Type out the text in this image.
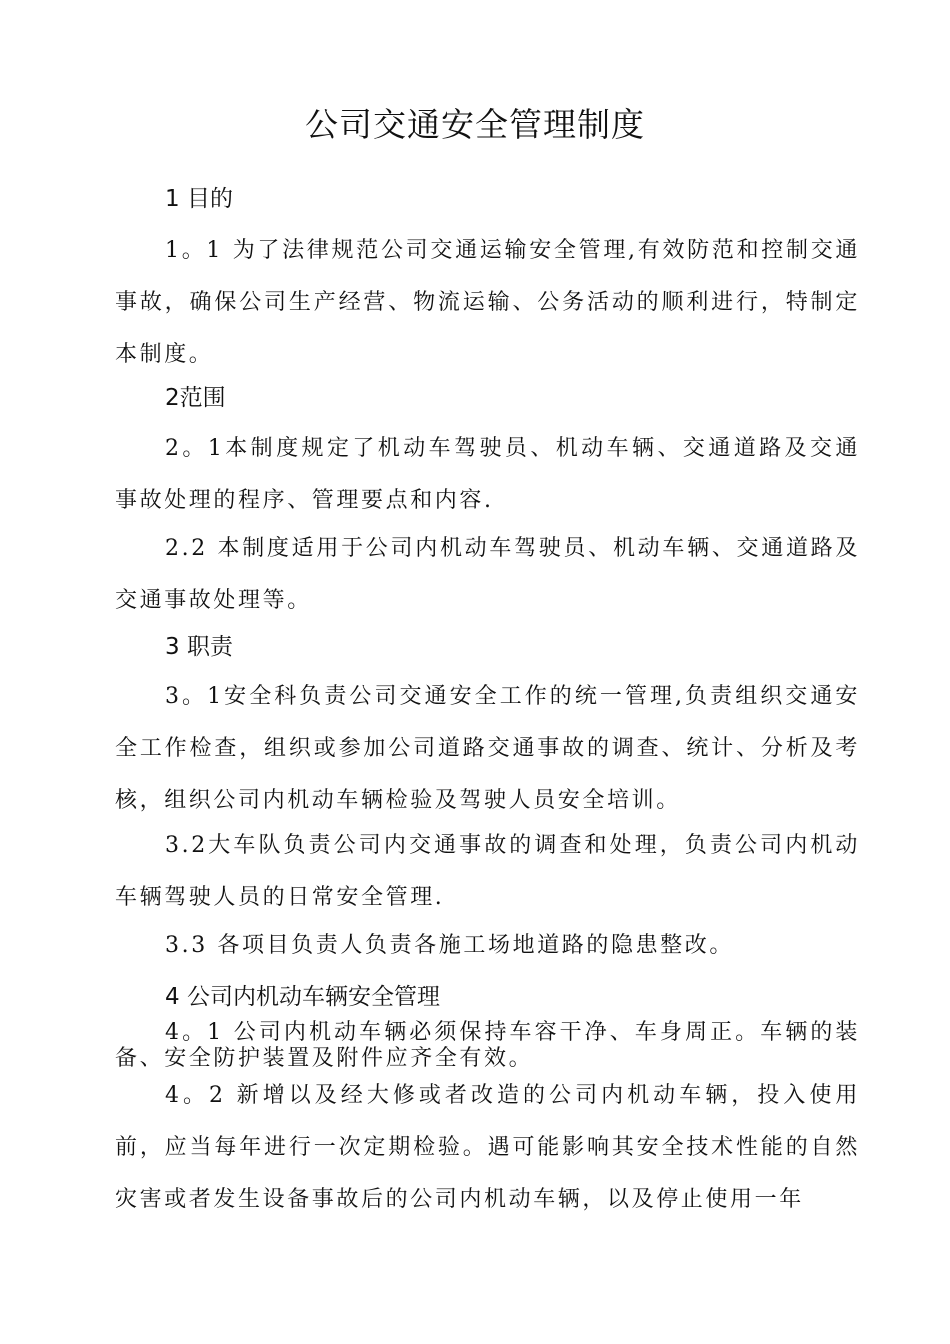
公司交通安全管理制度
1 目的

1。1 为了法律规范公司交通运输安全管理,有效防范和控制交通事故，确保公司生产经营、物流运输、公务活动的顺利进行，特制定本制度。

2范围

2。1本制度规定了机动车驾驶员、机动车辆、交通道路及交通事故处理的程序、管理要点和内容.

2.2 本制度适用于公司内机动车驾驶员、机动车辆、交通道路及交通事故处理等。

3 职责

3。1安全科负责公司交通安全工作的统一管理,负责组织交通安全工作检查，组织或参加公司道路交通事故的调查、统计、分析及考核，组织公司内机动车辆检验及驾驶人员安全培训。

3.2大车队负责公司内交通事故的调查和处理，负责公司内机动车辆驾驶人员的日常安全管理.

3.3 各项目负责人负责各施工场地道路的隐患整改。

4 公司内机动车辆安全管理

4。1 公司内机动车辆必须保持车容干净、车身周正。车辆的装备、安全防护装置及附件应齐全有效。

4。2 新增以及经大修或者改造的公司内机动车辆，投入使用前，应当每年进行一次定期检验。遇可能影响其安全技术性能的自然灾害或者发生设备事故后的公司内机动车辆，以及停止使用一年
